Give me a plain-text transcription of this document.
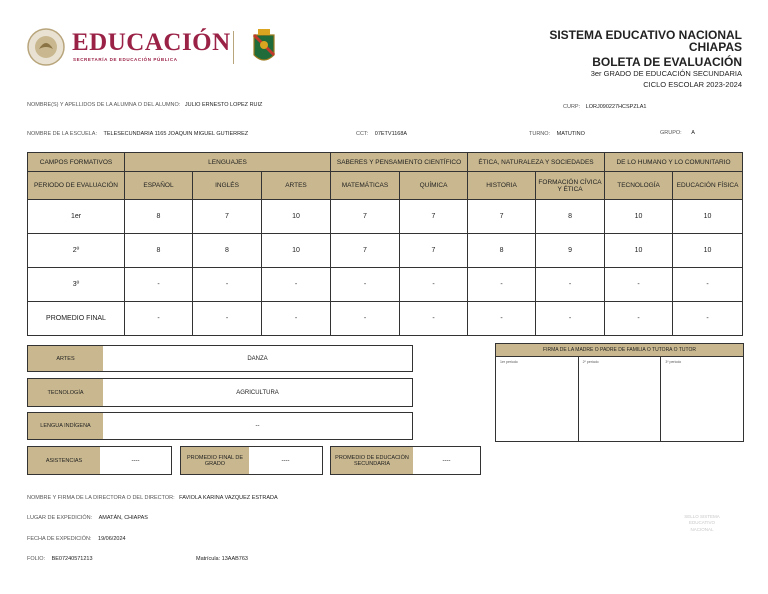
EDUCACIÓN
SECRETARÍA DE EDUCACIÓN PÚBLICA
SISTEMA EDUCATIVO NACIONAL
CHIAPAS
BOLETA DE EVALUACIÓN
3er GRADO DE EDUCACIÓN SECUNDARIA
CICLO ESCOLAR 2023-2024
NOMBRE(S) Y APELLIDOS DE LA ALUMNA O DEL ALUMNO: JULIO ERNESTO LOPEZ RUIZ	CURP: LORJ090227HCSPZLA1
NOMBRE DE LA ESCUELA: TELESECUNDARIA 1165 JOAQUIN MIGUEL GUTIERREZ	CCT: 07ETV1168A	TURNO: MATUTINO	GRUPO: A
CAMPOS FORMATIVOS	LENGUAJES			SABERES Y PENSAMIENTO CIENTÍFICO		ÉTICA, NATURALEZA Y SOCIEDADES		DE LO HUMANO Y LO COMUNITARIO	
PERIODO DE EVALUACIÓN	ESPAÑOL	INGLÉS	ARTES	MATEMÁTICAS	QUÍMICA	HISTORIA	FORMACIÓN CÍVICA Y ÉTICA	TECNOLOGÍA	EDUCACIÓN FÍSICA
1er	8	7	10	7	7	7	8	10	10
2º	8	8	10	7	7	8	9	10	10
3º	-	-	-	-	-	-	-	-	-
PROMEDIO FINAL	-	-	-	-	-	-	-	-	-
ARTES	DANZA
TECNOLOGÍA	AGRICULTURA
LENGUA INDÍGENA	--
ASISTENCIAS	----	PROMEDIO FINAL DE GRADO	----	PROMEDIO DE EDUCACIÓN SECUNDARIA	----
FIRMA DE LA MADRE O PADRE DE FAMILIA O TUTORA O TUTOR
1er periodo	2º periodo	3º periodo
NOMBRE Y FIRMA DE LA DIRECTORA O DEL DIRECTOR: FAVIOLA KARINA VAZQUEZ ESTRADA
LUGAR DE EXPEDICIÓN: AMATÁN, CHIAPAS
FECHA DE EXPEDICIÓN: 19/06/2024
FOLIO: BE07240571213	Matrícula: 13AAB763
SELLO SISTEMA EDUCATIVO NACIONAL
